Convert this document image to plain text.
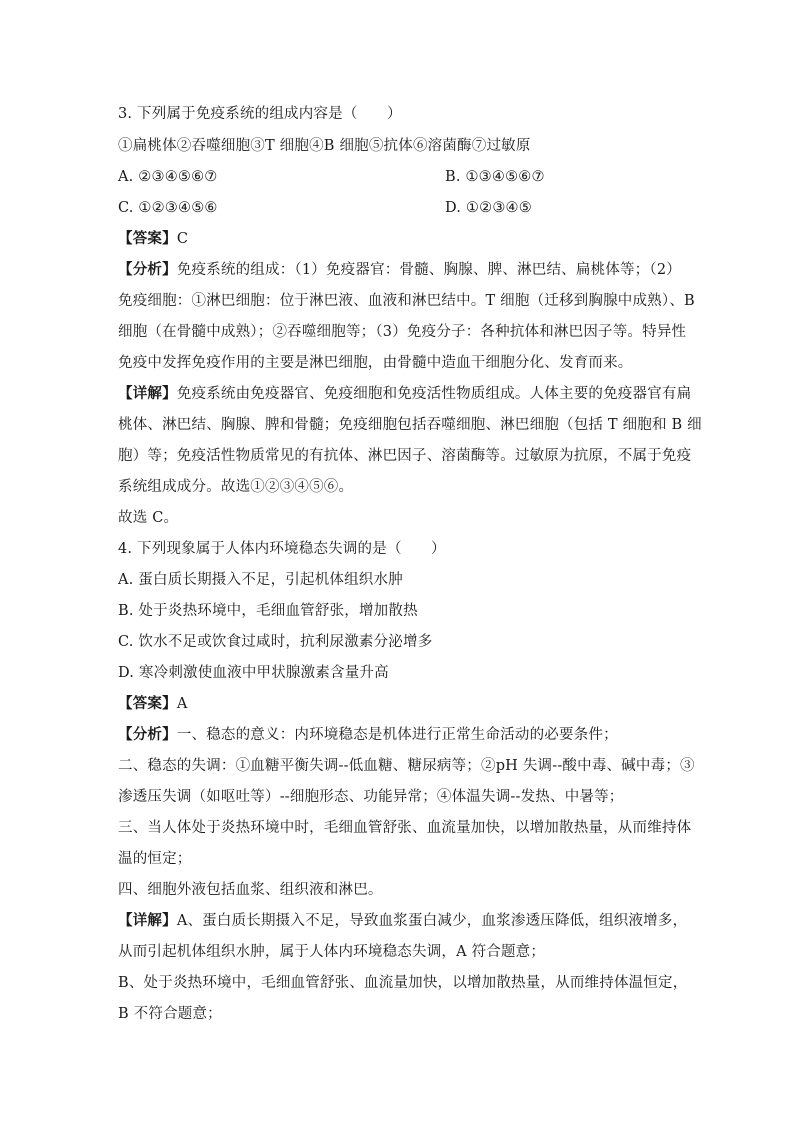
3. 下列属于免疫系统的组成内容是（　　）
①扁桃体②吞噬细胞③T 细胞④B 细胞⑤抗体⑥溶菌酶⑦过敏原
A. ②③④⑤⑥⑦	B. ①③④⑤⑥⑦
C. ①②③④⑤⑥	D. ①②③④⑤
【答案】C
【分析】免疫系统的组成：（1）免疫器官：骨髓、胸腺、脾、淋巴结、扁桃体等；（2）
免疫细胞：①淋巴细胞：位于淋巴液、血液和淋巴结中。T 细胞（迁移到胸腺中成熟）、B
细胞（在骨髓中成熟）；②吞噬细胞等；（3）免疫分子：各种抗体和淋巴因子等。特异性
免疫中发挥免疫作用的主要是淋巴细胞，由骨髓中造血干细胞分化、发育而来。
【详解】免疫系统由免疫器官、免疫细胞和免疫活性物质组成。人体主要的免疫器官有扁
桃体、淋巴结、胸腺、脾和骨髓；免疫细胞包括吞噬细胞、淋巴细胞（包括 T 细胞和 B 细
胞）等；免疫活性物质常见的有抗体、淋巴因子、溶菌酶等。过敏原为抗原，不属于免疫
系统组成成分。故选①②③④⑤⑥。
故选 C。
4. 下列现象属于人体内环境稳态失调的是（　　）
A. 蛋白质长期摄入不足，引起机体组织水肿
B. 处于炎热环境中，毛细血管舒张，增加散热
C. 饮水不足或饮食过咸时，抗利尿激素分泌增多
D. 寒冷刺激使血液中甲状腺激素含量升高
【答案】A
【分析】一、稳态的意义：内环境稳态是机体进行正常生命活动的必要条件；
二、稳态的失调：①血糖平衡失调--低血糖、糖尿病等；②pH 失调--酸中毒、碱中毒；③
渗透压失调（如呕吐等）--细胞形态、功能异常；④体温失调--发热、中暑等；
三、当人体处于炎热环境中时，毛细血管舒张、血流量加快，以增加散热量，从而维持体
温的恒定；
四、细胞外液包括血浆、组织液和淋巴。
【详解】A、蛋白质长期摄入不足，导致血浆蛋白减少，血浆渗透压降低，组织液增多，
从而引起机体组织水肿，属于人体内环境稳态失调，A 符合题意；
B、处于炎热环境中，毛细血管舒张、血流量加快，以增加散热量，从而维持体温恒定，
B 不符合题意；
